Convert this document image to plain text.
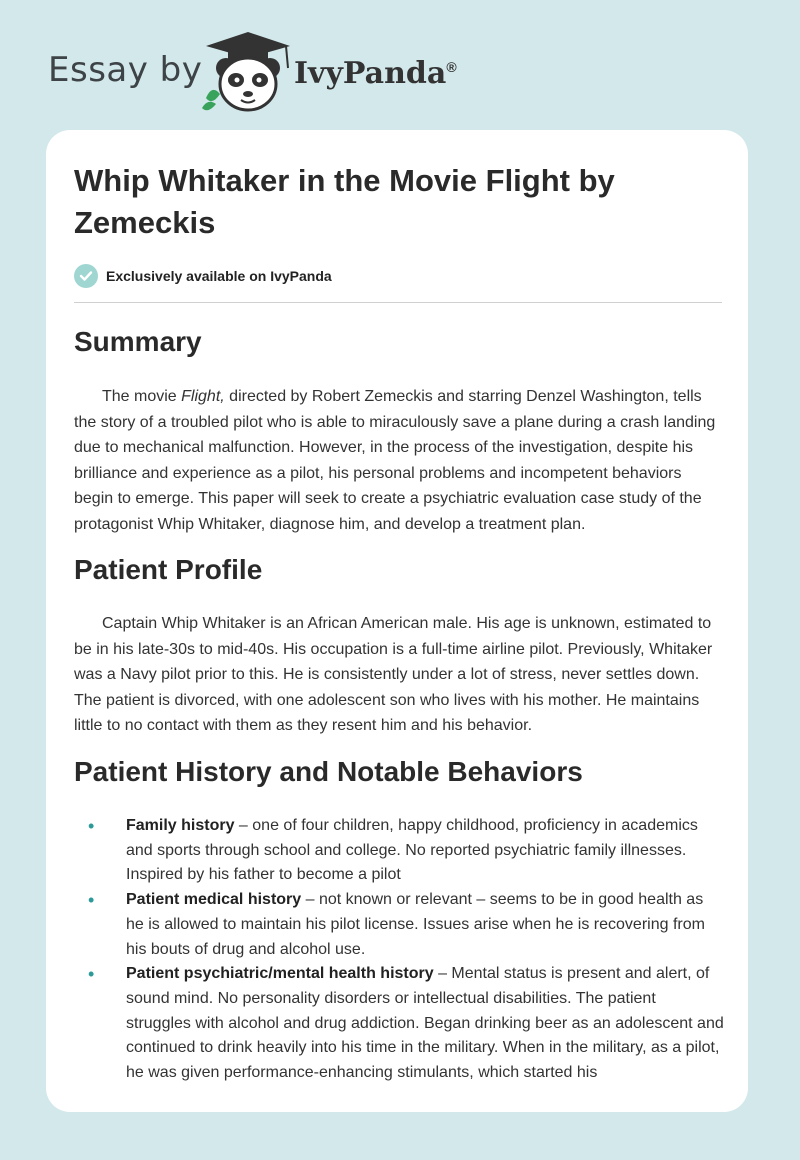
Essay by	IvyPanda®
Whip Whitaker in the Movie Flight by Zemeckis
Exclusively available on IvyPanda
Summary

The movie Flight, directed by Robert Zemeckis and starring Denzel Washington, tells the story of a troubled pilot who is able to miraculously save a plane during a crash landing due to mechanical malfunction. However, in the process of the investigation, despite his brilliance and experience as a pilot, his personal problems and incompetent behaviors begin to emerge. This paper will seek to create a psychiatric evaluation case study of the protagonist Whip Whitaker, diagnose him, and develop a treatment plan.

Patient Profile

Captain Whip Whitaker is an African American male. His age is unknown, estimated to be in his late-30s to mid-40s. His occupation is a full-time airline pilot. Previously, Whitaker was a Navy pilot prior to this. He is consistently under a lot of stress, never settles down. The patient is divorced, with one adolescent son who lives with his mother. He maintains little to no contact with them as they resent him and his behavior.

Patient History and Notable Behaviors
• Family history – one of four children, happy childhood, proficiency in academics and sports through school and college. No reported psychiatric family illnesses. Inspired by his father to become a pilot
• Patient medical history – not known or relevant – seems to be in good health as he is allowed to maintain his pilot license. Issues arise when he is recovering from his bouts of drug and alcohol use.
• Patient psychiatric/mental health history – Mental status is present and alert, of sound mind. No personality disorders or intellectual disabilities. The patient struggles with alcohol and drug addiction. Began drinking beer as an adolescent and continued to drink heavily into his time in the military. When in the military, as a pilot, he was given performance-enhancing stimulants, which started his
